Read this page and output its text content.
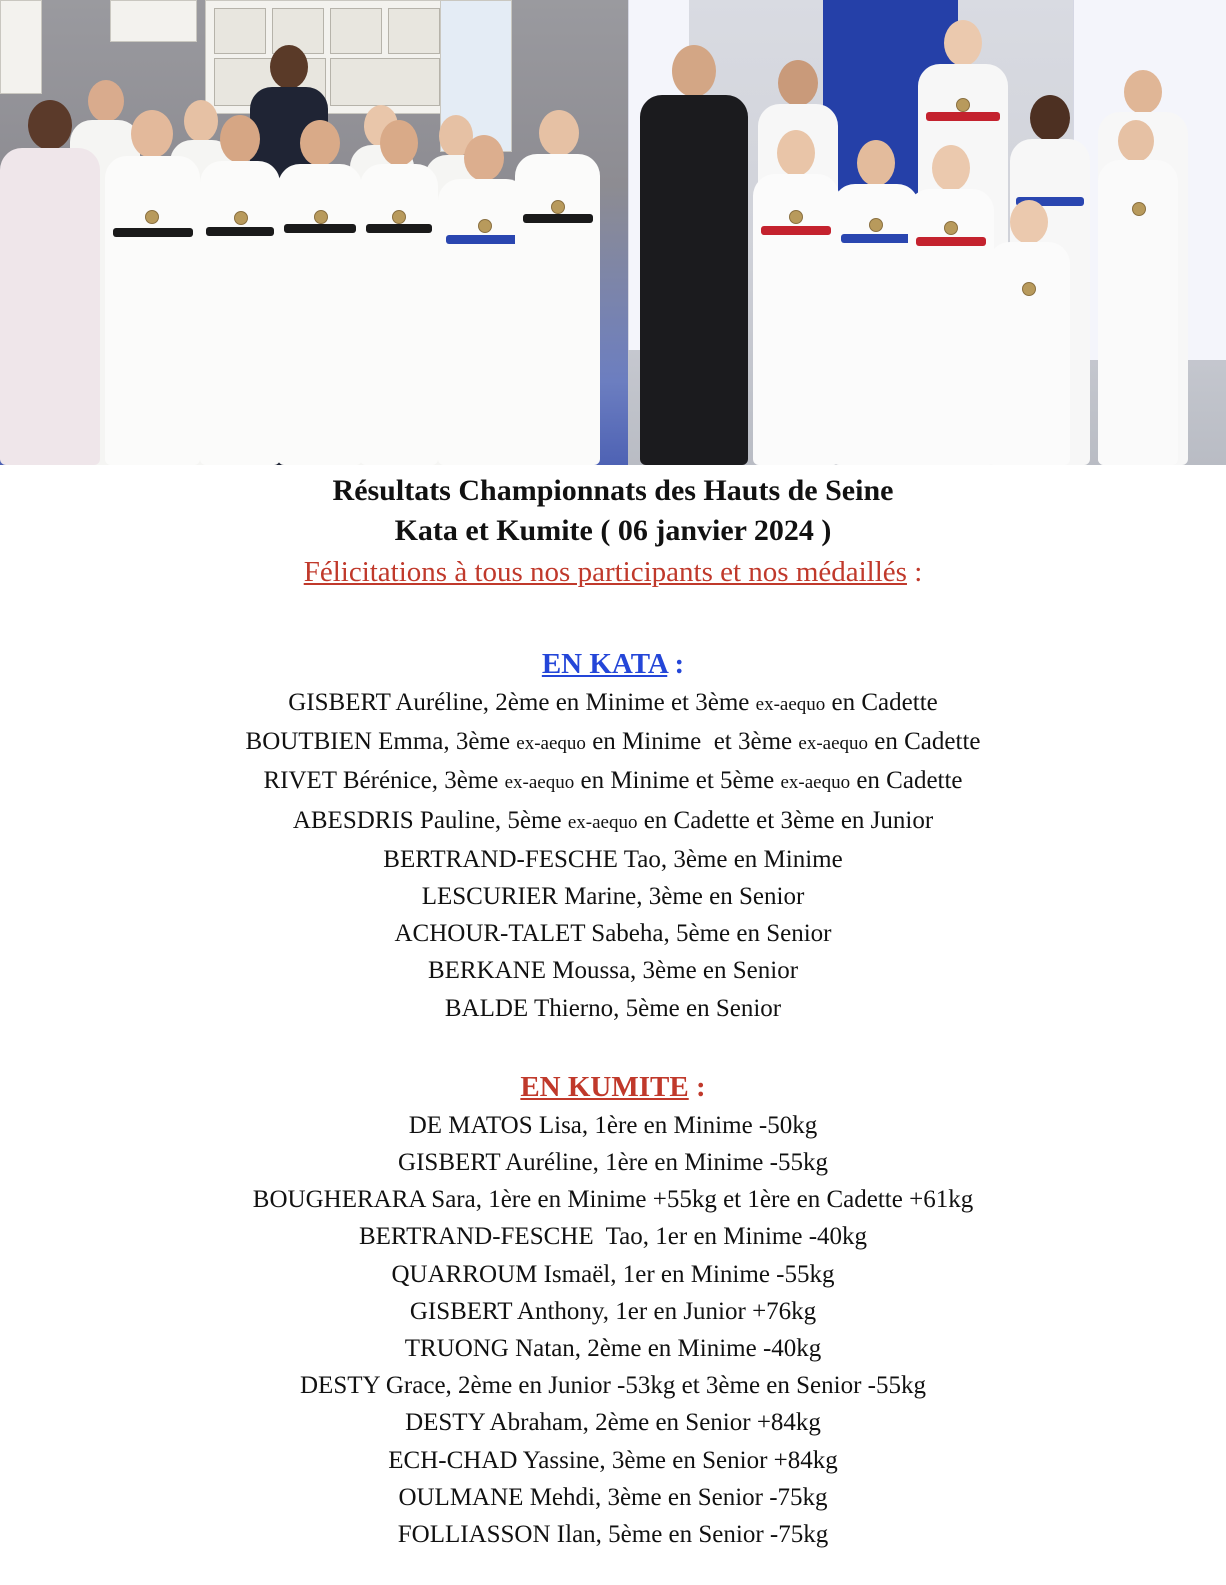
Résultats Championnats des Hauts de Seine
Kata et Kumite ( 06 janvier 2024 )
Félicitations à tous nos participants et nos médaillés :
EN KATA :
GISBERT Auréline, 2ème en Minime et 3ème ex-aequo en Cadette
BOUTBIEN Emma, 3ème ex-aequo en Minime  et 3ème ex-aequo en Cadette
RIVET Bérénice, 3ème ex-aequo en Minime et 5ème ex-aequo en Cadette
ABESDRIS Pauline, 5ème ex-aequo en Cadette et 3ème en Junior
BERTRAND-FESCHE Tao, 3ème en Minime
LESCURIER Marine, 3ème en Senior
ACHOUR-TALET Sabeha, 5ème en Senior
BERKANE Moussa, 3ème en Senior
BALDE Thierno, 5ème en Senior
EN KUMITE :
DE MATOS Lisa, 1ère en Minime -50kg
GISBERT Auréline, 1ère en Minime -55kg
BOUGHERARA Sara, 1ère en Minime +55kg et 1ère en Cadette +61kg
BERTRAND-FESCHE  Tao, 1er en Minime -40kg
QUARROUM Ismaël, 1er en Minime -55kg
GISBERT Anthony, 1er en Junior +76kg
TRUONG Natan, 2ème en Minime -40kg
DESTY Grace, 2ème en Junior -53kg et 3ème en Senior -55kg
DESTY Abraham, 2ème en Senior +84kg
ECH-CHAD Yassine, 3ème en Senior +84kg
OULMANE Mehdi, 3ème en Senior -75kg
FOLLIASSON Ilan, 5ème en Senior -75kg
